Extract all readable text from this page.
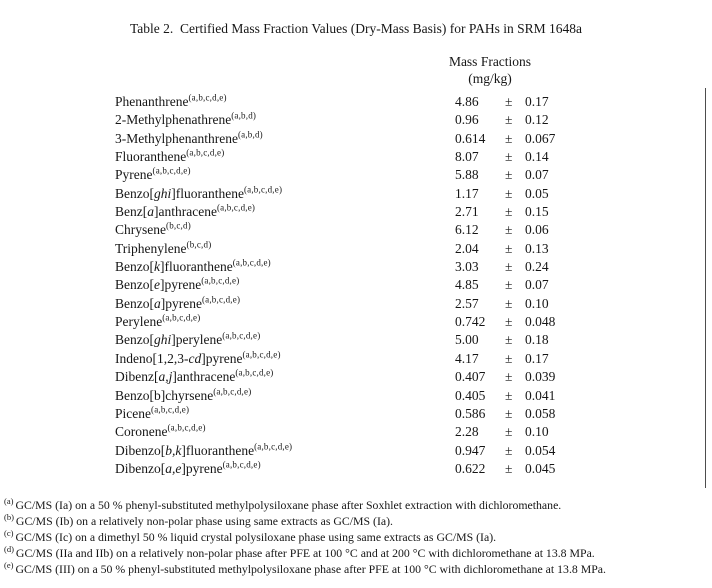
Table 2.  Certified Mass Fraction Values (Dry-Mass Basis) for PAHs in SRM 1648a
Mass Fractions
(mg/kg)
Phenanthrene$^{(a,b,c,d,e)}$	4.86 ± 0.17
2-Methylphenathrene$^{(a,b,d)}$	0.96 ± 0.12
3-Methylphenanthrene$^{(a,b,d)}$	0.614 ± 0.067
Fluoranthene$^{(a,b,c,d,e)}$	8.07 ± 0.14
Pyrene$^{(a,b,c,d,e)}$	5.88 ± 0.07
Benzo[ghi]fluoranthene$^{(a,b,c,d,e)}$	1.17 ± 0.05
Benz[a]anthracene$^{(a,b,c,d,e)}$	2.71 ± 0.15
Chrysene$^{(b,c,d)}$	6.12 ± 0.06
Triphenylene$^{(b,c,d)}$	2.04 ± 0.13
Benzo[k]fluoranthene$^{(a,b,c,d,e)}$	3.03 ± 0.24
Benzo[e]pyrene$^{(a,b,c,d,e)}$	4.85 ± 0.07
Benzo[a]pyrene$^{(a,b,c,d,e)}$	2.57 ± 0.10
Perylene$^{(a,b,c,d,e)}$	0.742 ± 0.048
Benzo[ghi]perylene$^{(a,b,c,d,e)}$	5.00 ± 0.18
Indeno[1,2,3-cd]pyrene$^{(a,b,c,d,e)}$	4.17 ± 0.17
Dibenz[a,j]anthracene$^{(a,b,c,d,e)}$	0.407 ± 0.039
Benzo[b]chyrsene$^{(a,b,c,d,e)}$	0.405 ± 0.041
Picene$^{(a,b,c,d,e)}$	0.586 ± 0.058
Coronene$^{(a,b,c,d,e)}$	2.28 ± 0.10
Dibenzo[b,k]fluoranthene$^{(a,b,c,d,e)}$	0.947 ± 0.054
Dibenzo[a,e]pyrene$^{(a,b,c,d,e)}$	0.622 ± 0.045
$^{(a)}$ GC/MS (Ia) on a 50 % phenyl-substituted methylpolysiloxane phase after Soxhlet extraction with dichloromethane.
$^{(b)}$ GC/MS (Ib) on a relatively non-polar phase using same extracts as GC/MS (Ia).
$^{(c)}$ GC/MS (Ic) on a dimethyl 50 % liquid crystal polysiloxane phase using same extracts as GC/MS (Ia).
$^{(d)}$ GC/MS (IIa and IIb) on a relatively non-polar phase after PFE at 100 °C and at 200 °C with dichloromethane at 13.8 MPa.
$^{(e)}$ GC/MS (III) on a 50 % phenyl-substituted methylpolysiloxane phase after PFE at 100 °C with dichloromethane at 13.8 MPa.
